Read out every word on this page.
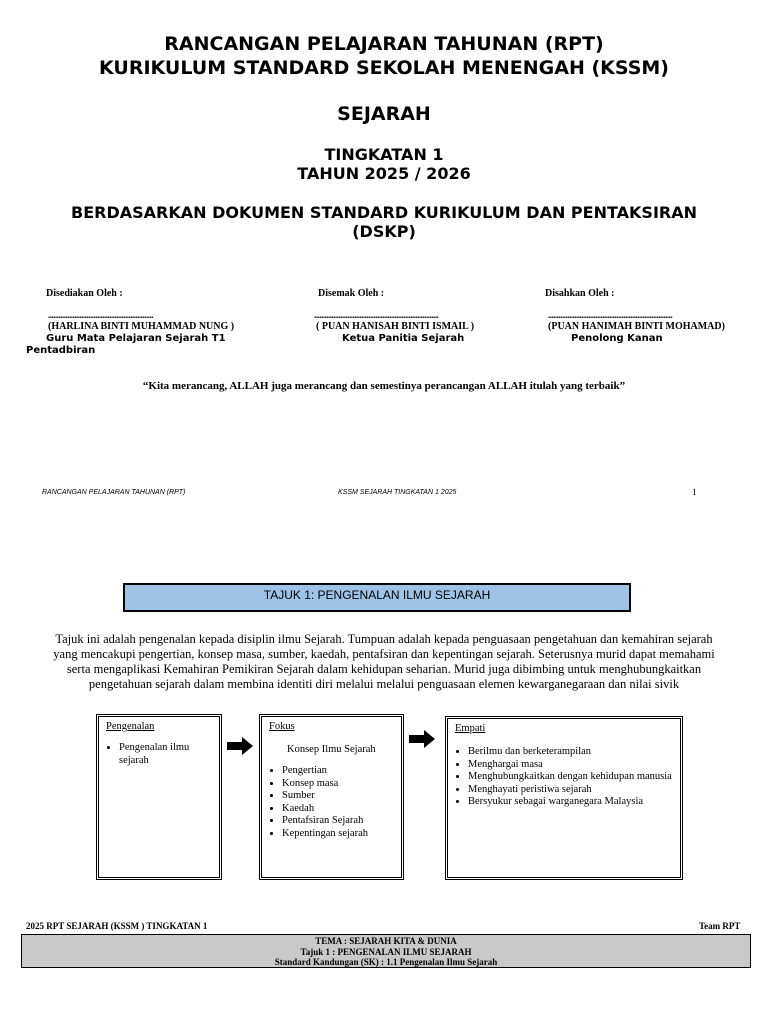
RANCANGAN PELAJARAN TAHUNAN (RPT)
KURIKULUM STANDARD SEKOLAH MENENGAH (KSSM)
SEJARAH
TINGKATAN 1
TAHUN 2025 / 2026
BERDASARKAN DOKUMEN STANDARD KURIKULUM DAN PENTAKSIRAN
(DSKP)
Disediakan Oleh :
............................................................
(HARLINA BINTI MUHAMMAD NUNG )
Guru Mata Pelajaran Sejarah T1
Pentadbiran
Disemak Oleh :
.......................................................................
( PUAN HANISAH BINTI ISMAIL )
Ketua Panitia Sejarah
Disahkan Oleh :
.......................................................................
(PUAN HANIMAH BINTI MOHAMAD)
Penolong Kanan
“Kita merancang, ALLAH juga merancang dan semestinya perancangan ALLAH itulah yang terbaik”
RANCANGAN PELAJARAN TAHUNAN (RPT)	KSSM SEJARAH TINGKATAN 1 2025	1
TAJUK 1: PENGENALAN ILMU SEJARAH
Tajuk ini adalah pengenalan kepada disiplin ilmu Sejarah. Tumpuan adalah kepada penguasaan pengetahuan dan kemahiran sejarah
yang mencakupi pengertian, konsep masa, sumber, kaedah, pentafsiran dan kepentingan sejarah. Seterusnya murid dapat memahami
serta mengaplikasi Kemahiran Pemikiran Sejarah dalam kehidupan seharian. Murid juga dibimbing untuk menghubungkaitkan
pengetahuan sejarah dalam membina identiti diri melalui melalui penguasaan elemen kewarganegaraan dan nilai sivik
Pengenalan
• Pengenalan ilmu sejarah
Fokus
Konsep Ilmu Sejarah
• Pengertian
• Konsep masa
• Sumber
• Kaedah
• Pentafsiran Sejarah
• Kepentingan sejarah
Empati
• Berilmu dan berketerampilan
• Menghargai masa
• Menghubungkaitkan dengan kehidupan manusia
• Menghayati peristiwa sejarah
• Bersyukur sebagai warganegara Malaysia
2025 RPT SEJARAH (KSSM ) TINGKATAN 1	Team RPT
TEMA : SEJARAH KITA & DUNIA
Tajuk 1 : PENGENALAN ILMU SEJARAH
Standard Kandungan (SK) : 1.1 Pengenalan Ilmu Sejarah
